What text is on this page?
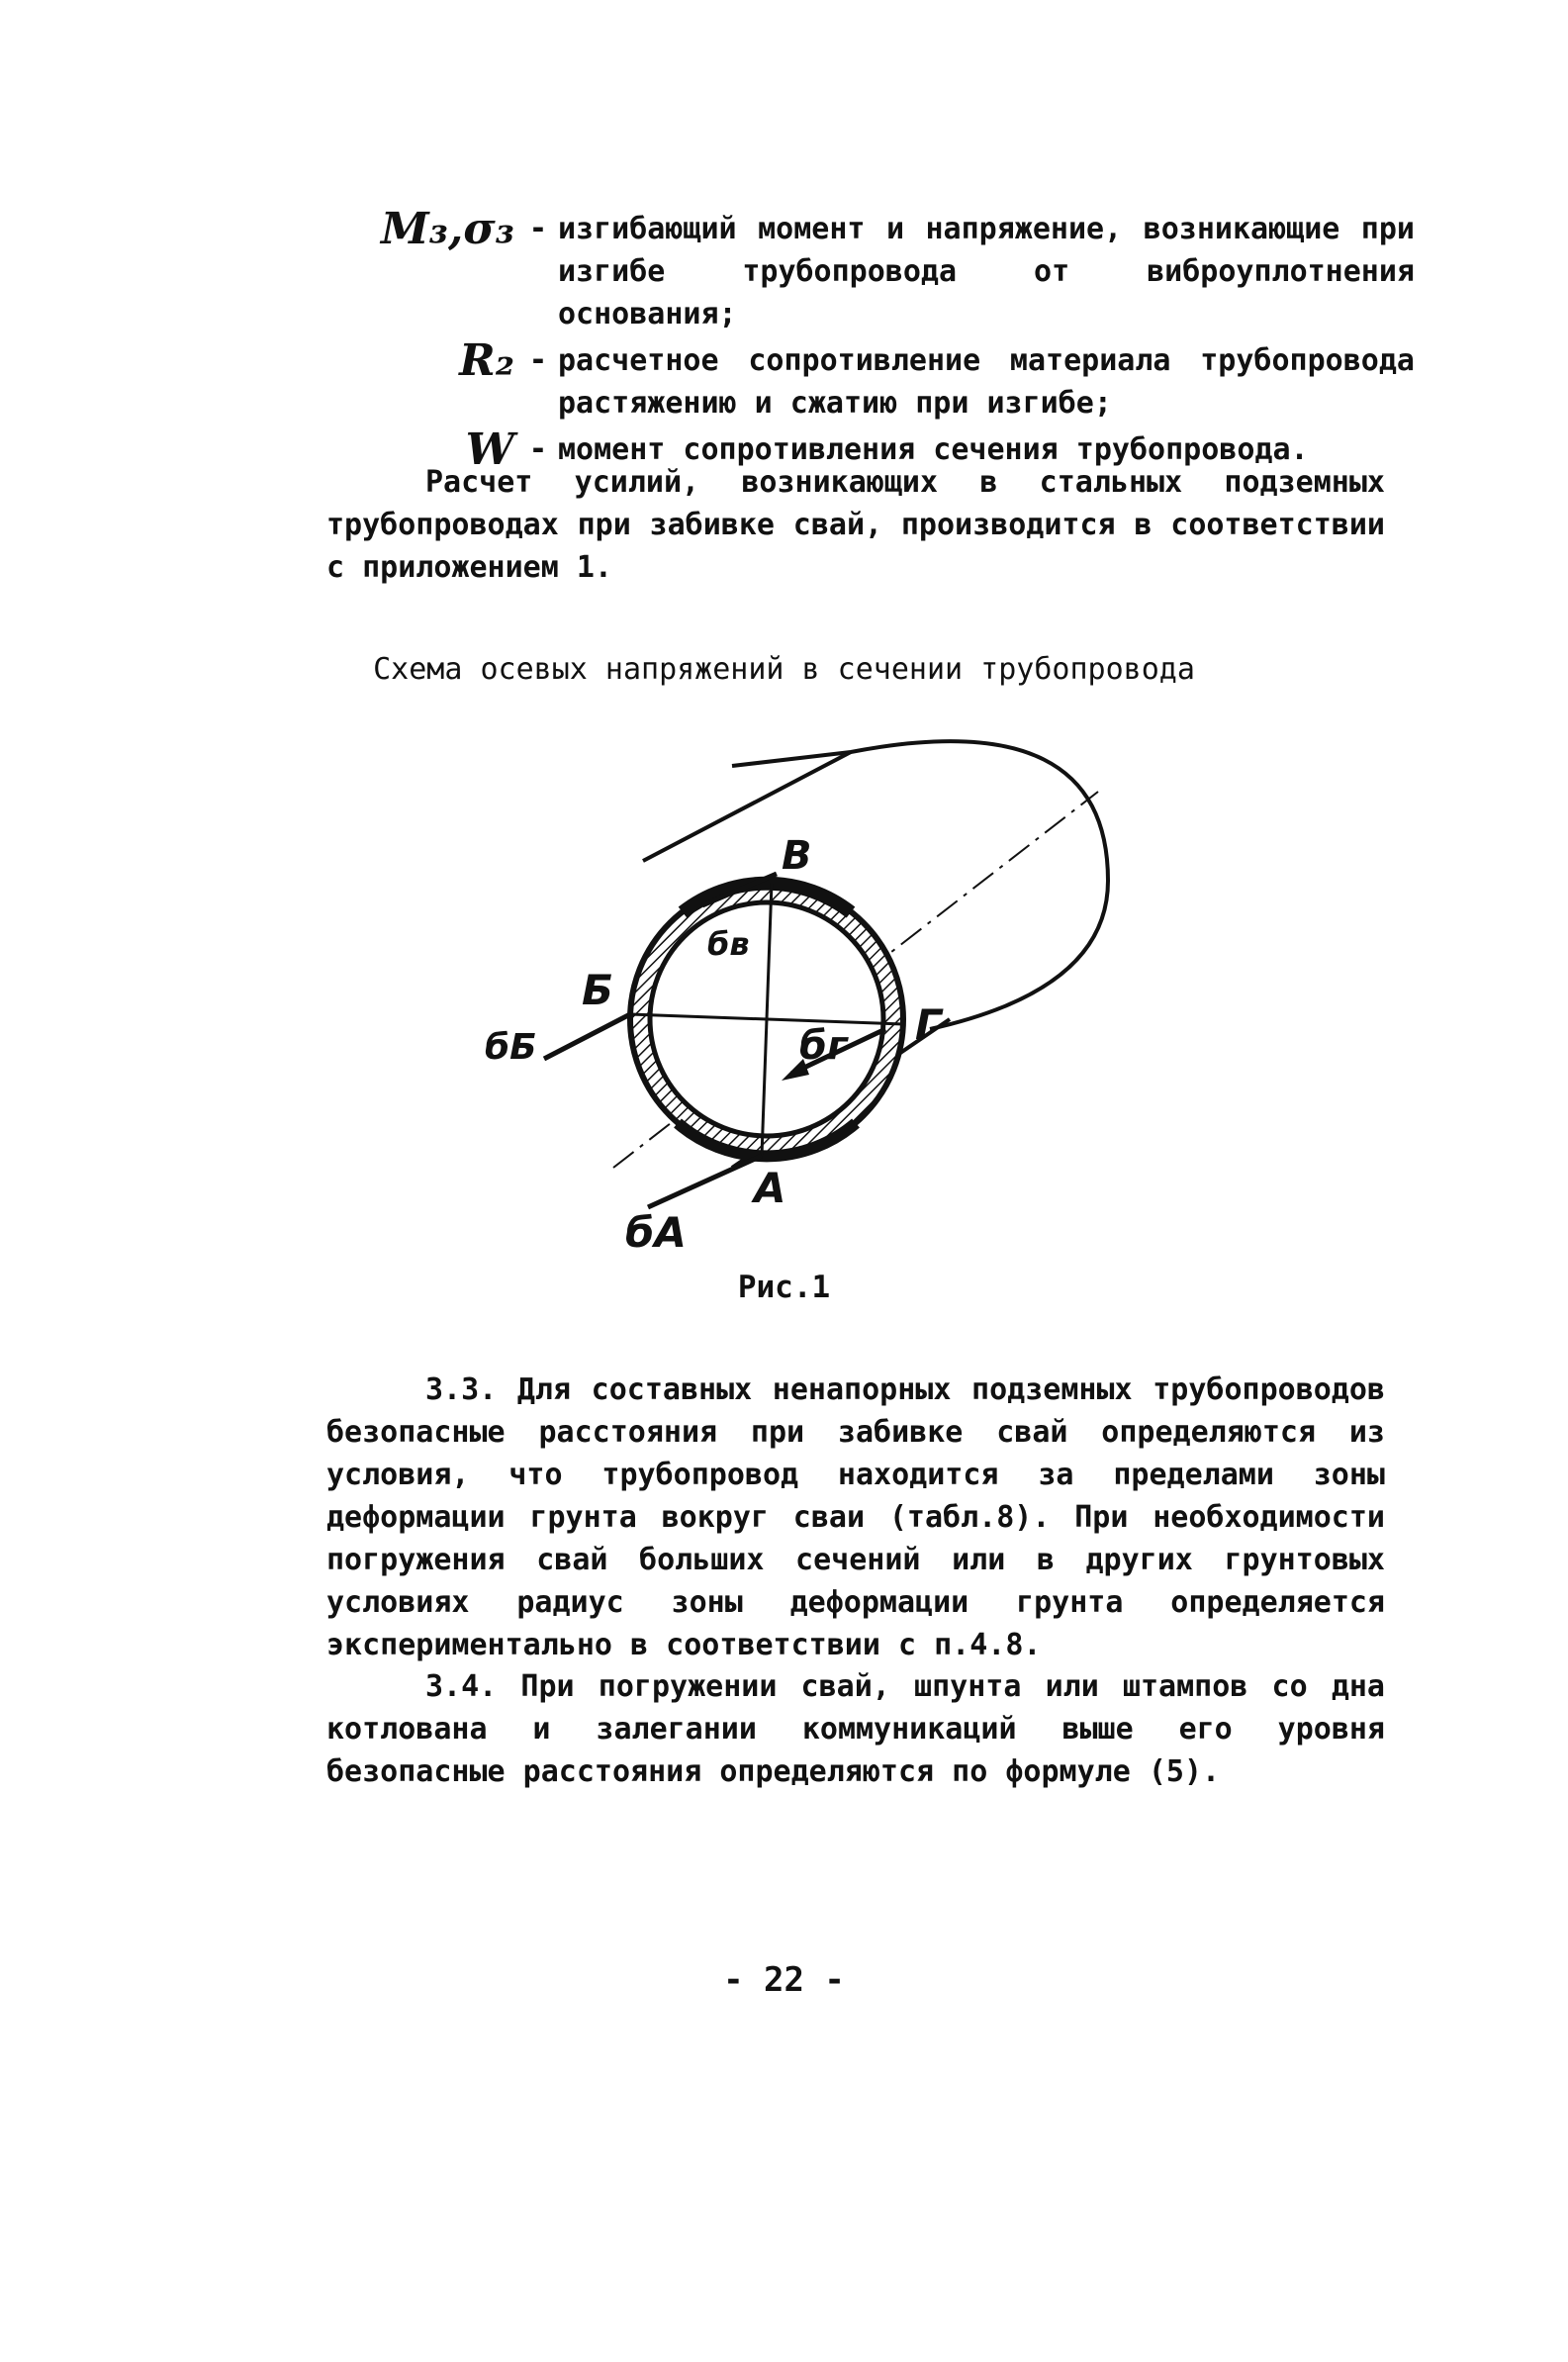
M₃,σ₃ - изгибающий момент и напряжение, возникающие при изгибе трубопровода от виброуплотнения основания;
R₂ - расчетное сопротивление материала трубопровода растяжению и сжатию при изгибе;
W - момент сопротивления сечения трубопровода.

Расчет усилий, возникающих в стальных подземных трубопроводах при забивке свай, производится в соответствии с приложением 1.

Схема осевых напряжений в сечении трубопровода
В
бв
Б
бБ	Г
бг
А
бА
Рис.1

3.3. Для составных ненапорных подземных трубопроводов безопасные расстояния при забивке свай определяются из условия, что трубопровод находится за пределами зоны деформации грунта вокруг сваи (табл.8). При необходимости погружения свай больших сечений или в других грунтовых условиях радиус зоны деформации грунта определяется экспериментально в соответствии с п.4.8.

3.4. При погружении свай, шпунта или штампов со дна котлована и залегании коммуникаций выше его уровня безопасные расстояния определяются по формуле (5).

- 22 -
